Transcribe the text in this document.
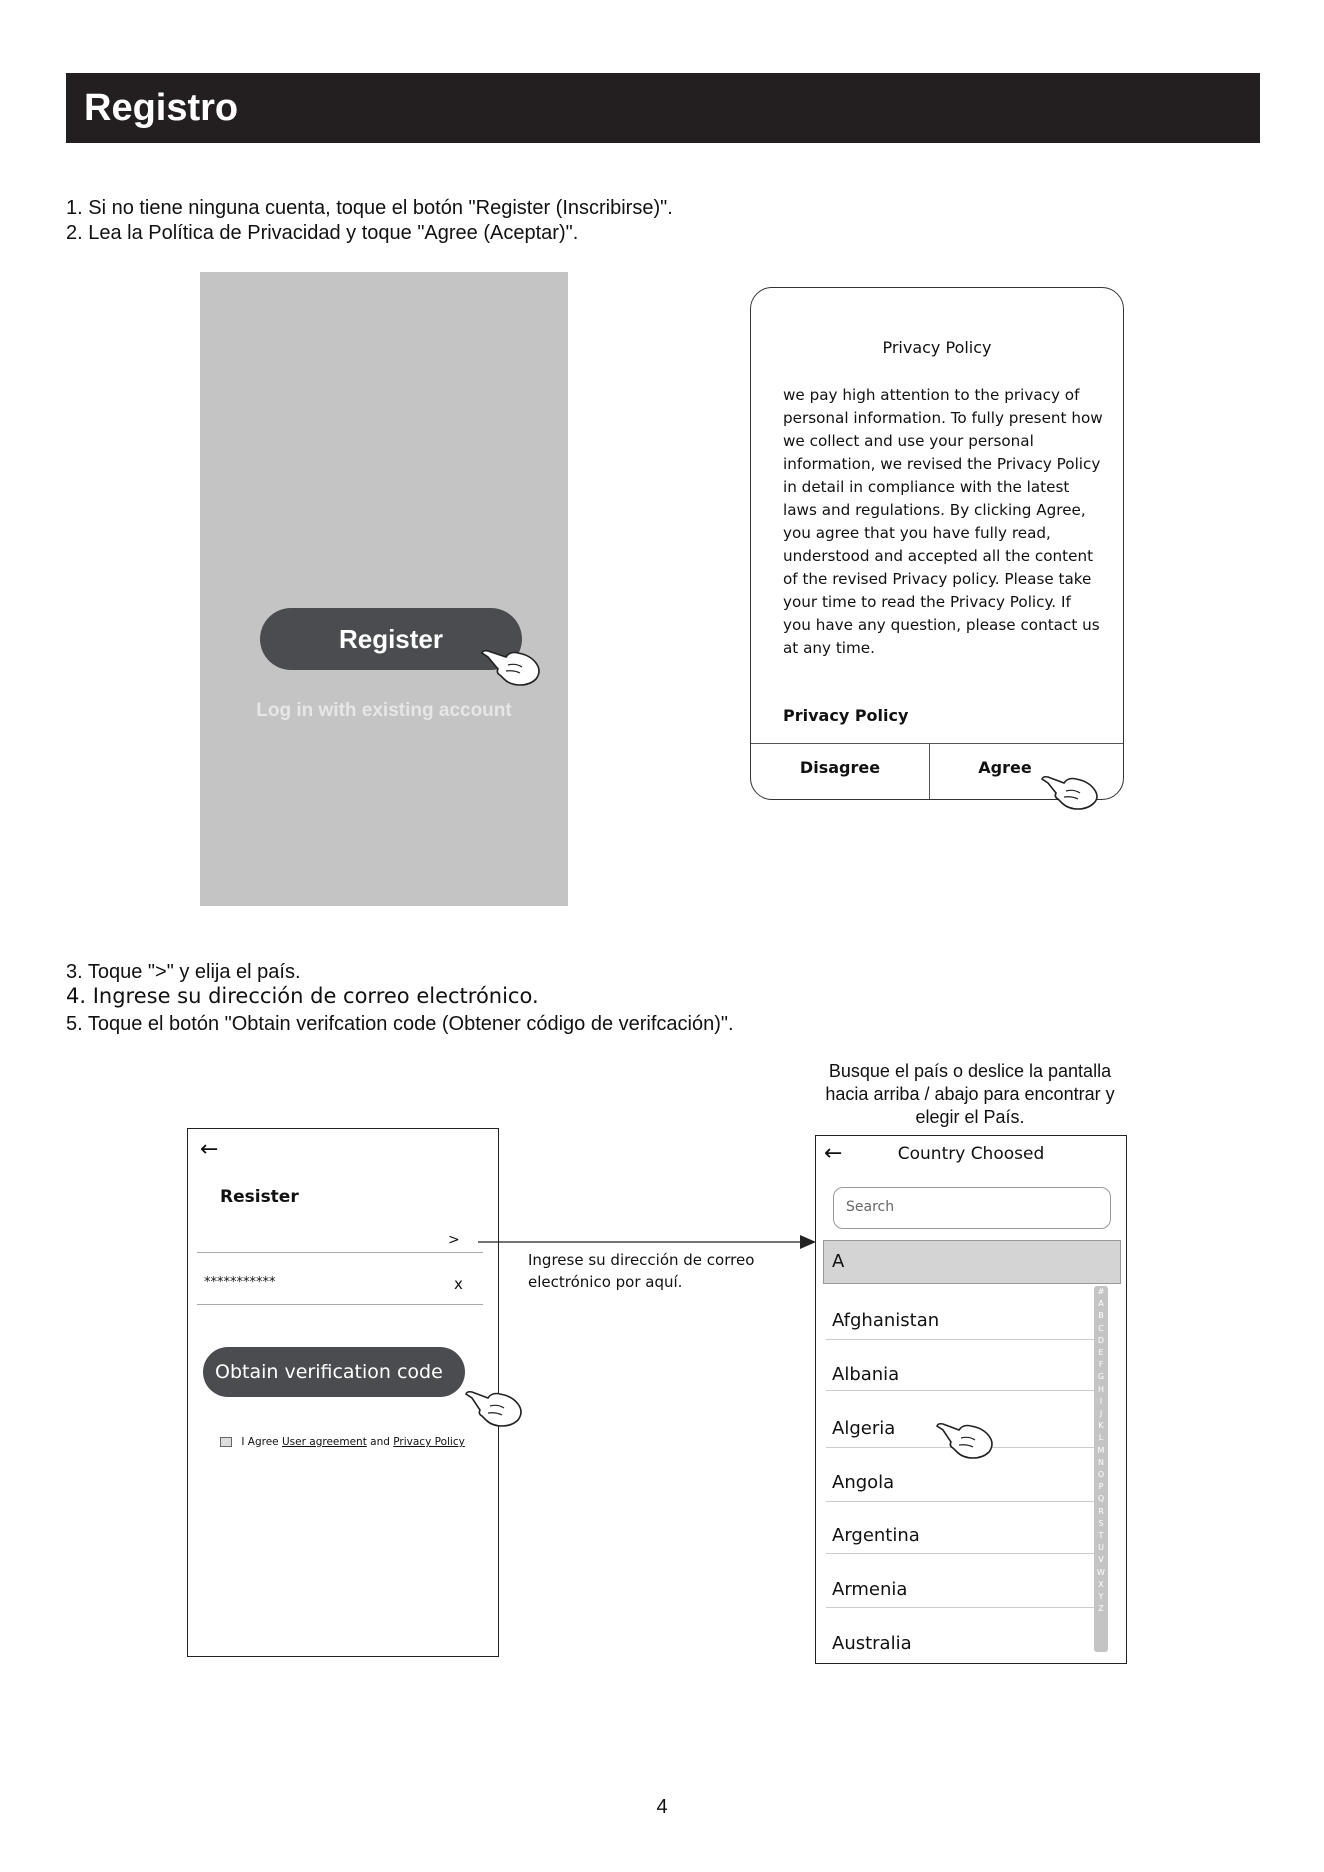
Registro
1. Si no tiene ninguna cuenta, toque el botón "Register (Inscribirse)".
2. Lea la Política de Privacidad y toque "Agree (Aceptar)".
Register
Log in with existing account
Privacy Policy
we pay high attention to the privacy of personal information. To fully present how we collect and use your personal information, we revised the Privacy Policy in detail in compliance with the latest laws and regulations. By clicking Agree, you agree that you have fully read, understood and accepted all the content of the revised Privacy policy. Please take your time to read the Privacy Policy. If you have any question, please contact us at any time.
Privacy Policy
Disagree	Agree
3. Toque ">" y elija el país.
4. Ingrese su dirección de correo electrónico.
5. Toque el botón "Obtain verifcation code (Obtener código de verifcación)".
←
Resister
>
***********	x
Obtain verification code
I Agree User agreement and Privacy Policy
Ingrese su dirección de correo electrónico por aquí.
Busque el país o deslice la pantalla hacia arriba / abajo para encontrar y elegir el País.
←	Country Choosed
Search
A
Afghanistan
Albania
Algeria
Angola
Argentina
Armenia
Australia
#
A
B
C
D
E
F
G
H
I
J
K
L
M
N
O
P
Q
R
S
T
U
V
W
X
Y
Z
4
